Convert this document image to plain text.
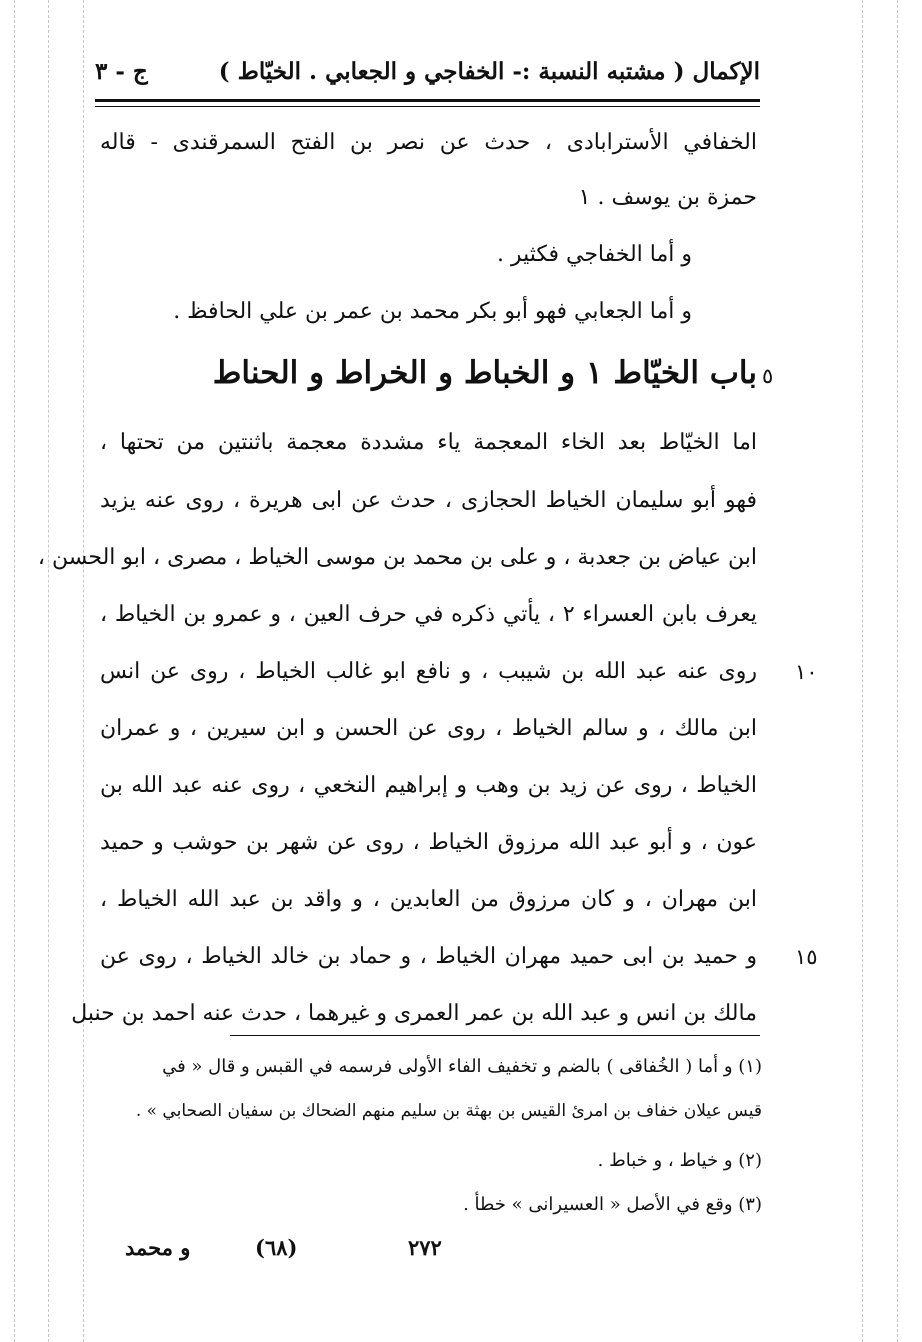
الإكمال ( مشتبه النسبة :- الخفاجي و الجعابي . الخيّاط )
ج - ٣
الخفافي الأسترابادى ، حدث عن نصر بن الفتح السمرقندى - قاله
حمزة بن يوسف . ١
و أما الخفاجي فكثير .
و أما الجعابي فهو أبو بكر محمد بن عمر بن علي الحافظ .
٥
باب الخيّاط ١ و الخباط و الخراط و الحناط
اما الخيّاط بعد الخاء المعجمة ياء مشددة معجمة باثنتين من تحتها ،
فهو أبو سليمان الخياط الحجازى ، حدث عن ابى هريرة ، روى عنه يزيد
ابن عياض بن جعدبة ، و على بن محمد بن موسى الخياط ، مصرى ، ابو الحسن ،
يعرف بابن العسراء ٢ ، يأتي ذكره في حرف العين ، و عمرو بن الخياط ،
١٠
روى عنه عبد الله بن شيبب ، و نافع ابو غالب الخياط ، روى عن انس
ابن مالك ، و سالم الخياط ، روى عن الحسن و ابن سيرين ، و عمران
الخياط ، روى عن زيد بن وهب و إبراهيم النخعي ، روى عنه عبد الله بن
عون ، و أبو عبد الله مرزوق الخياط ، روى عن شهر بن حوشب و حميد
ابن مهران ، و كان مرزوق من العابدين ، و واقد بن عبد الله الخياط ،
١٥
و حميد بن ابى حميد مهران الخياط ، و حماد بن خالد الخياط ، روى عن
مالك بن انس و عبد الله بن عمر العمرى و غيرهما ، حدث عنه احمد بن حنبل
(١) و أما ( الخُفاقى ) بالضم و تخفيف الفاء الأولى فرسمه في القبس و قال « في
قيس عيلان خفاف بن امرئ القيس بن بهثة بن سليم منهم الضحاك بن سفيان الصحابي » .
(٢) و خياط ، و خباط .
(٣) وقع في الأصل « العسيرانى » خطأ .
و محمد	(٦٨)	٢٧٢
